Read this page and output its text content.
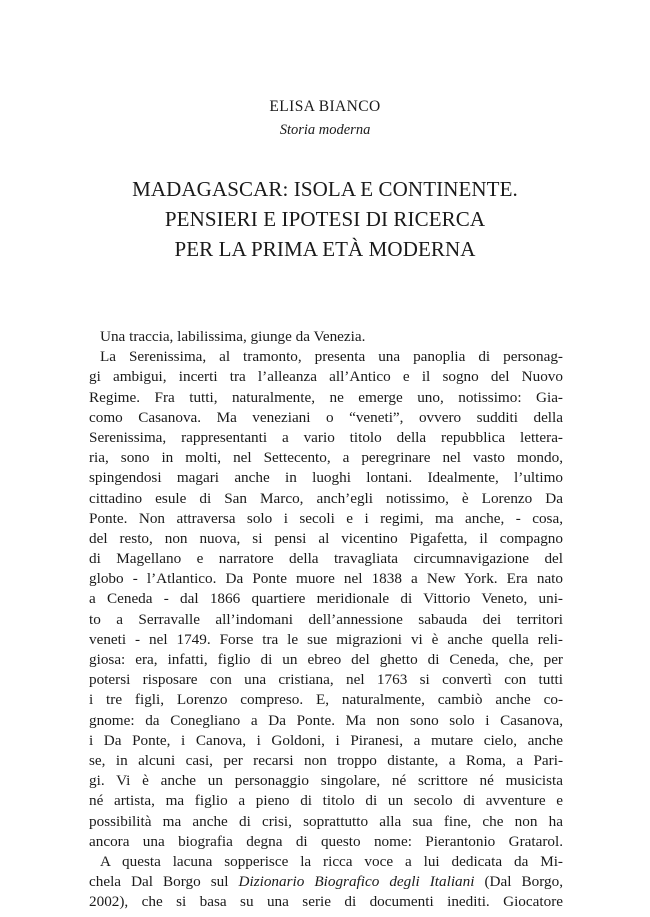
ELISA BIANCO
Storia moderna
MADAGASCAR: ISOLA E CONTINENTE.
PENSIERI E IPOTESI DI RICERCA
PER LA PRIMA ETÀ MODERNA
Una traccia, labilissima, giunge da Venezia.
La Serenissima, al tramonto, presenta una panoplia di personag-
gi ambigui, incerti tra l’alleanza all’Antico e il sogno del Nuovo
Regime. Fra tutti, naturalmente, ne emerge uno, notissimo: Gia-
como Casanova. Ma veneziani o “veneti”, ovvero sudditi della
Serenissima, rappresentanti a vario titolo della repubblica lettera-
ria, sono in molti, nel Settecento, a peregrinare nel vasto mondo,
spingendosi magari anche in luoghi lontani. Idealmente, l’ultimo
cittadino esule di San Marco, anch’egli notissimo, è Lorenzo Da
Ponte. Non attraversa solo i secoli e i regimi, ma anche, - cosa,
del resto, non nuova, si pensi al vicentino Pigafetta, il compagno
di Magellano e narratore della travagliata circumnavigazione del
globo - l’Atlantico. Da Ponte muore nel 1838 a New York. Era nato
a Ceneda - dal 1866 quartiere meridionale di Vittorio Veneto, uni-
to a Serravalle all’indomani dell’annessione sabauda dei territori
veneti - nel 1749. Forse tra le sue migrazioni vi è anche quella reli-
giosa: era, infatti, figlio di un ebreo del ghetto di Ceneda, che, per
potersi risposare con una cristiana, nel 1763 si convertì con tutti
i tre figli, Lorenzo compreso. E, naturalmente, cambiò anche co-
gnome: da Conegliano a Da Ponte. Ma non sono solo i Casanova,
i Da Ponte, i Canova, i Goldoni, i Piranesi, a mutare cielo, anche
se, in alcuni casi, per recarsi non troppo distante, a Roma, a Pari-
gi. Vi è anche un personaggio singolare, né scrittore né musicista
né artista, ma figlio a pieno di titolo di un secolo di avventure e
possibilità ma anche di crisi, soprattutto alla sua fine, che non ha
ancora una biografia degna di questo nome: Pierantonio Gratarol.
A questa lacuna sopperisce la ricca voce a lui dedicata da Mi-
chela Dal Borgo sul Dizionario Biografico degli Italiani (Dal Borgo,
2002), che si basa su una serie di documenti inediti. Giocatore
